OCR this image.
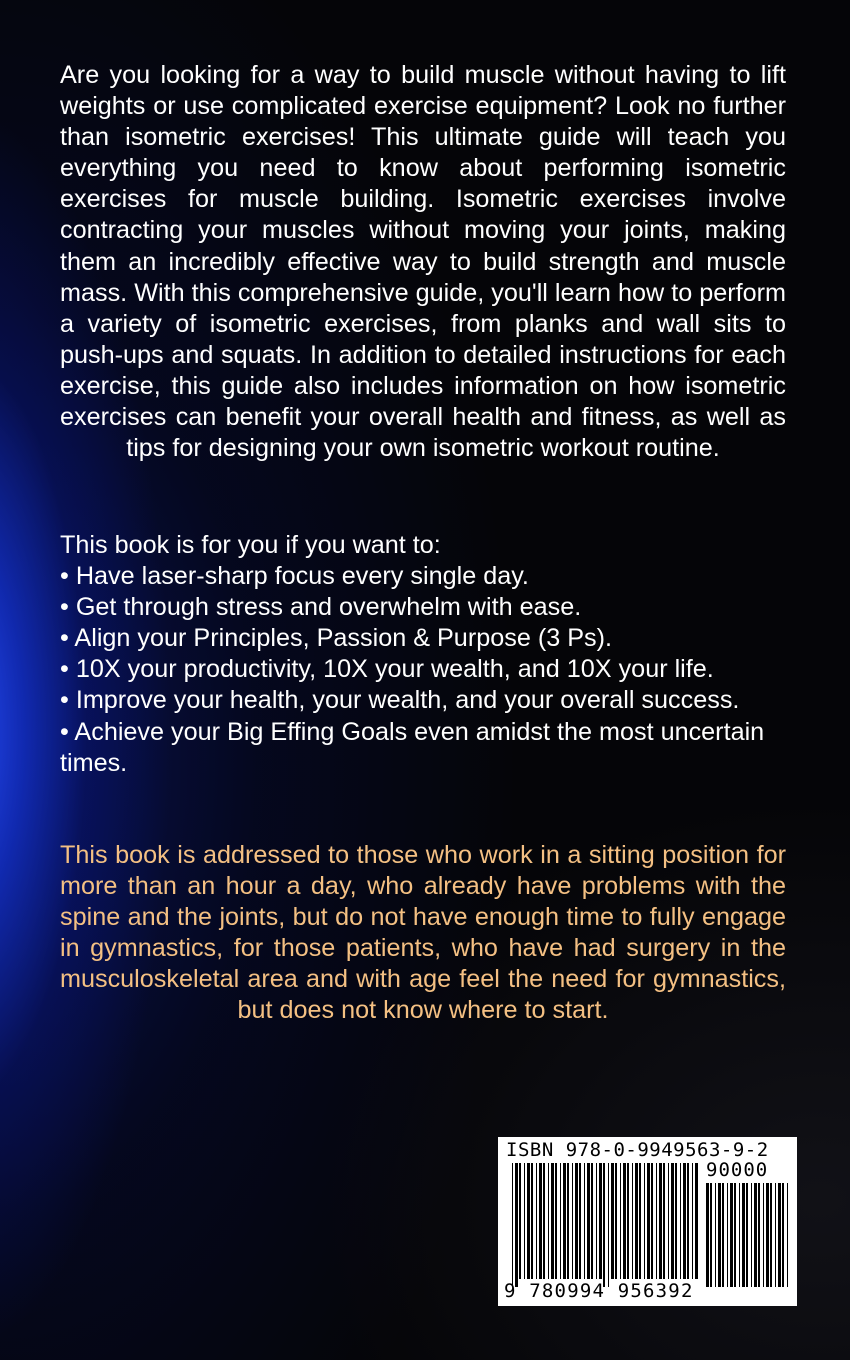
Are you looking for a way to build muscle without having to lift weights or use complicated exercise equipment? Look no further than isometric exercises! This ultimate guide will teach you everything you need to know about performing isometric exercises for muscle building. Isometric exercises involve contracting your muscles without moving your joints, making them an incredibly effective way to build strength and muscle mass. With this comprehensive guide, you'll learn how to perform a variety of isometric exercises, from planks and wall sits to push-ups and squats. In addition to detailed instructions for each exercise, this guide also includes information on how isometric exercises can benefit your overall health and fitness, as well as tips for designing your own isometric workout routine.

This book is for you if you want to:

• Have laser-sharp focus every single day.
• Get through stress and overwhelm with ease.
• Align your Principles, Passion & Purpose (3 Ps).
• 10X your productivity, 10X your wealth, and 10X your life.
• Improve your health, your wealth, and your overall success.
• Achieve your Big Effing Goals even amidst the most uncertain times.

This book is addressed to those who work in a sitting position for more than an hour a day, who already have problems with the spine and the joints, but do not have enough time to fully engage in gymnastics, for those patients, who have had surgery in the musculoskeletal area and with age feel the need for gymnastics, but does not know where to start.

ISBN 978-0-9949563-9-2
90000
9 780994 956392
